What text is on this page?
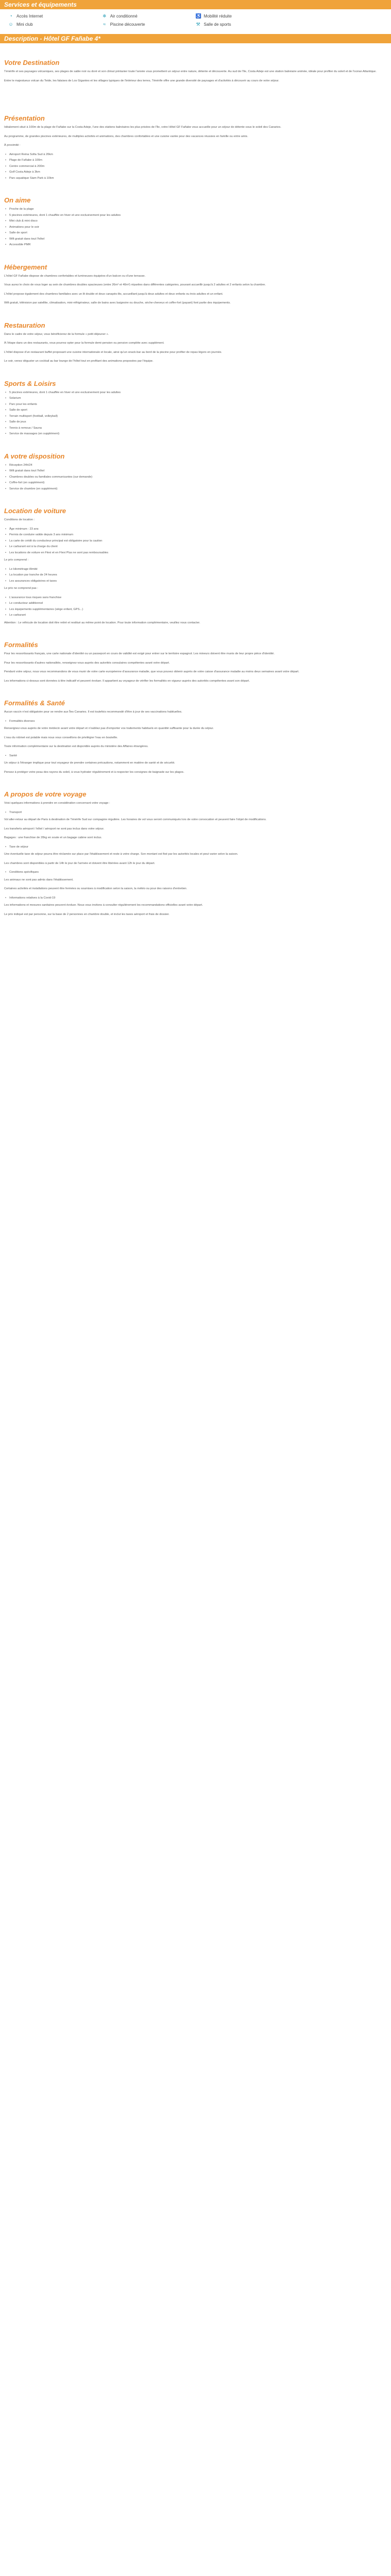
Services et équipements
◔ Accès Internet	❄ Air conditionné	♿ Mobilité réduite
☺ Mini club	≈	Piscine découverte	⚒ Salle de sports
Description - Hôtel GF Fañabe 4*
Votre Destination

Ténérife et ses paysages volcaniques, ses plages de sable noir ou doré et son climat printanier toute l'année vous promettent un séjour entre nature, détente et découverte. Au sud de l'île, Costa Adeje est une station balnéaire animée, idéale pour profiter du soleil et de l'océan Atlantique.

Entre le majestueux volcan du Teide, les falaises de Los Gigantes et les villages typiques de l'intérieur des terres, Ténérife offre une grande diversité de paysages et d'activités à découvrir au cours de votre séjour.

Présentation

Idéalement situé à 100m de la plage de Fañabe sur la Costa Adeje, l'une des stations balnéaires les plus prisées de l'île, votre Hôtel GF Fañabe vous accueille pour un séjour de détente sous le soleil des Canaries.

Au programme, de grandes piscines extérieures, de multiples activités et animations, des chambres confortables et une cuisine variée pour des vacances réussies en famille ou entre amis.

À proximité :

• Aéroport Reina Sofia Sud à 20km
• Plage de Fañabe à 100m
• Centre commercial à 200m
• Golf Costa Adeje à 3km
• Parc aquatique Siam Park à 10km
On aime
• Proche de la plage
• 5 piscines extérieures, dont 1 chauffée en hiver et une exclusivement pour les adultes
• Mini club & mini disco
• Animations pour le soir
• Salle de sport
• Wifi gratuit dans tout l'hôtel
• Accessible PMR
Hébergement

L'hôtel GF Fañabe dispose de chambres confortables et lumineuses équipées d'un balcon ou d'une terrasse.

Vous aurez le choix de vous loger au sein de chambres doubles spacieuses (entre 26m² et 40m²) réparties dans différentes catégories, pouvant accueillir jusqu'à 2 adultes et 2 enfants selon la chambre.

L'hôtel propose également des chambres familiales avec un lit double et deux canapés-lits, accueillant jusqu'à deux adultes et deux enfants ou trois adultes et un enfant.

Wifi gratuit, télévision par satellite, climatisation, mini-réfrigérateur, salle de bains avec baignoire ou douche, sèche-cheveux et coffre-fort (payant) font partie des équipements.

Restauration

Dans le cadre de votre séjour, vous bénéficierez de la formule « petit déjeuner ».

À l'étape dans un des restaurants, vous pourrez opter pour la formule demi-pension ou pension complète avec supplément.

L'hôtel dispose d'un restaurant buffet proposant une cuisine internationale et locale, ainsi qu'un snack-bar au bord de la piscine pour profiter de repas légers en journée.

Le soir, venez déguster un cocktail au bar lounge de l'hôtel tout en profitant des animations proposées par l'équipe.

Sports & Loisirs
• 5 piscines extérieures, dont 1 chauffée en hiver et une exclusivement pour les adultes
• Solarium
• Parc pour les enfants
• Salle de sport
• Terrain multisport (football, volleyball)
• Salle de jeux
• Tennis à remous / Sauna
• Service de massages (en supplément)
A votre disposition
• Réception 24h/24
• Wifi gratuit dans tout l'hôtel
• Chambres doubles ou familiales communicantes (sur demande)
• Coffre-fort (en supplément)
• Service de chambre (en supplément)
Location de voiture

Conditions de location :

• Âge minimum : 23 ans
• Permis de conduire valide depuis 3 ans minimum
• La carte de crédit du conducteur principal est obligatoire pour la caution
• Le carburant est à la charge du client
• Les locations de voiture en Flexi et en Flexi Plus ne sont pas remboursables

Le prix comprend :

• Le kilométrage illimité
• La location par tranche de 24 heures
• Les assurances obligatoires et taxes

Le prix ne comprend pas :

• L'assurance tous risques sans franchise
• Le conducteur additionnel
• Les équipements supplémentaires (siège enfant, GPS...)
• Le carburant

Attention : Le véhicule de location doit être retiré et restitué au même point de location. Pour toute information complémentaire, veuillez nous contacter.

Formalités

Pour les ressortissants français, une carte nationale d'identité ou un passeport en cours de validité est exigé pour entrer sur le territoire espagnol. Les mineurs doivent être munis de leur propre pièce d'identité.

Pour les ressortissants d'autres nationalités, renseignez-vous auprès des autorités consulaires compétentes avant votre départ.

Pendant votre séjour, nous vous recommandons de vous munir de votre carte européenne d'assurance maladie, que vous pouvez obtenir auprès de votre caisse d'assurance maladie au moins deux semaines avant votre départ.

Les informations ci-dessus sont données à titre indicatif et peuvent évoluer. Il appartient au voyageur de vérifier les formalités en vigueur auprès des autorités compétentes avant son départ.

Formalités & Santé

Aucun vaccin n'est obligatoire pour se rendre aux Îles Canaries. Il est toutefois recommandé d'être à jour de ses vaccinations habituelles.

• Formalités diverses

Renseignez-vous auprès de votre médecin avant votre départ et n'oubliez pas d'emporter vos traitements habituels en quantité suffisante pour la durée du séjour.

L'eau du robinet est potable mais nous vous conseillons de privilégier l'eau en bouteille.

Toute information complémentaire sur la destination est disponible auprès du ministère des Affaires étrangères.

• Santé

Un séjour à l'étranger implique pour tout voyageur de prendre certaines précautions, notamment en matière de santé et de sécurité.

Pensez à protéger votre peau des rayons du soleil, à vous hydrater régulièrement et à respecter les consignes de baignade sur les plages.

A propos de votre voyage

Voici quelques informations à prendre en considération concernant votre voyage :

• Transport

Vol aller-retour au départ de Paris à destination de Ténérife Sud sur compagnie régulière. Les horaires de vol vous seront communiqués lors de votre convocation et peuvent faire l'objet de modifications.

Les transferts aéroport / hôtel / aéroport ne sont pas inclus dans votre séjour.

Bagages : une franchise de 20kg en soute et un bagage cabine sont inclus.

• Taxe de séjour

Une éventuelle taxe de séjour pourra être réclamée sur place par l'établissement et reste à votre charge. Son montant est fixé par les autorités locales et peut varier selon la saison.

Les chambres sont disponibles à partir de 14h le jour de l'arrivée et doivent être libérées avant 12h le jour du départ.

• Conditions spécifiques

Les animaux ne sont pas admis dans l'établissement.

Certaines activités et installations peuvent être fermées ou soumises à modification selon la saison, la météo ou pour des raisons d'entretien.

• Informations relatives à la Covid-19

Les informations et mesures sanitaires peuvent évoluer. Nous vous invitons à consulter régulièrement les recommandations officielles avant votre départ.

Le prix indiqué est par personne, sur la base de 2 personnes en chambre double, et inclut les taxes aéroport et frais de dossier.
